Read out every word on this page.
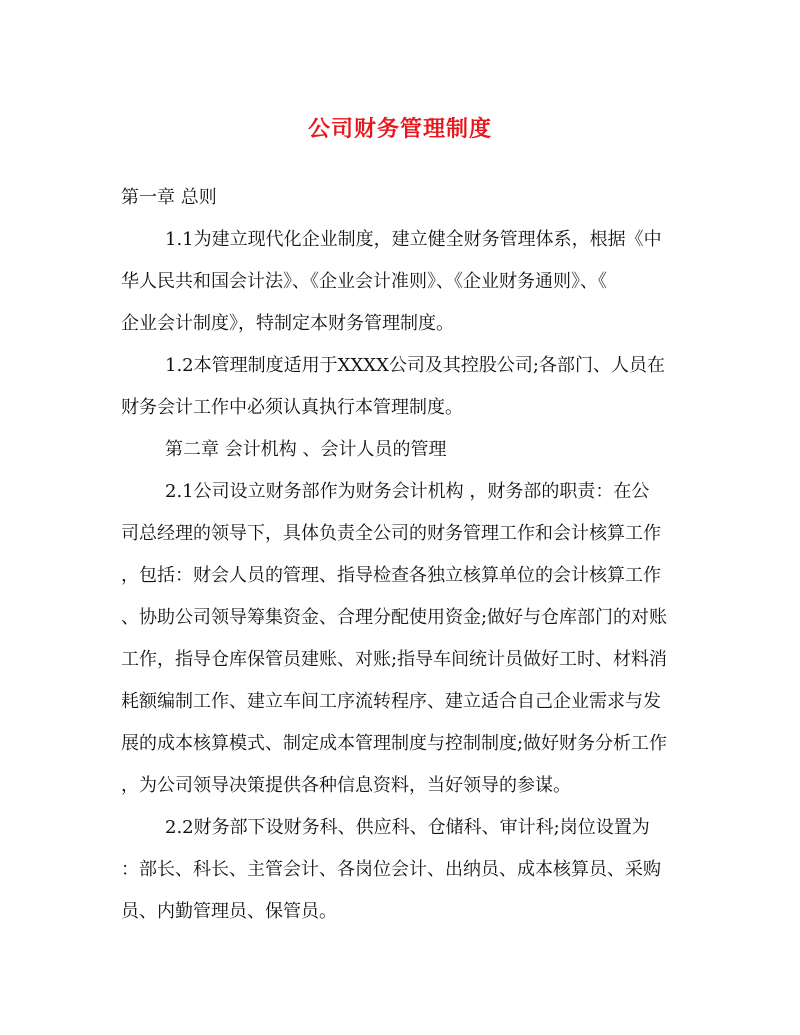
公司财务管理制度
第一章 总则
1.1为建立现代化企业制度，建立健全财务管理体系，根据《中
华人民共和国会计法》、《企业会计准则》、《企业财务通则》、《
企业会计制度》，特制定本财务管理制度。
1.2本管理制度适用于XXXX公司及其控股公司;各部门、人员在
财务会计工作中必须认真执行本管理制度。
第二章 会计机构 、会计人员的管理
2.1公司设立财务部作为财务会计机构 ，财务部的职责：在公
司总经理的领导下，具体负责全公司的财务管理工作和会计核算工作
，包括：财会人员的管理、指导检查各独立核算单位的会计核算工作
、协助公司领导筹集资金、合理分配使用资金;做好与仓库部门的对账
工作，指导仓库保管员建账、对账;指导车间统计员做好工时、材料消
耗额编制工作、建立车间工序流转程序、建立适合自己企业需求与发
展的成本核算模式、制定成本管理制度与控制制度;做好财务分析工作
，为公司领导决策提供各种信息资料，当好领导的参谋。
2.2财务部下设财务科、供应科、仓储科、审计科;岗位设置为
：部长、科长、主管会计、各岗位会计、出纳员、成本核算员、采购
员、内勤管理员、保管员。
